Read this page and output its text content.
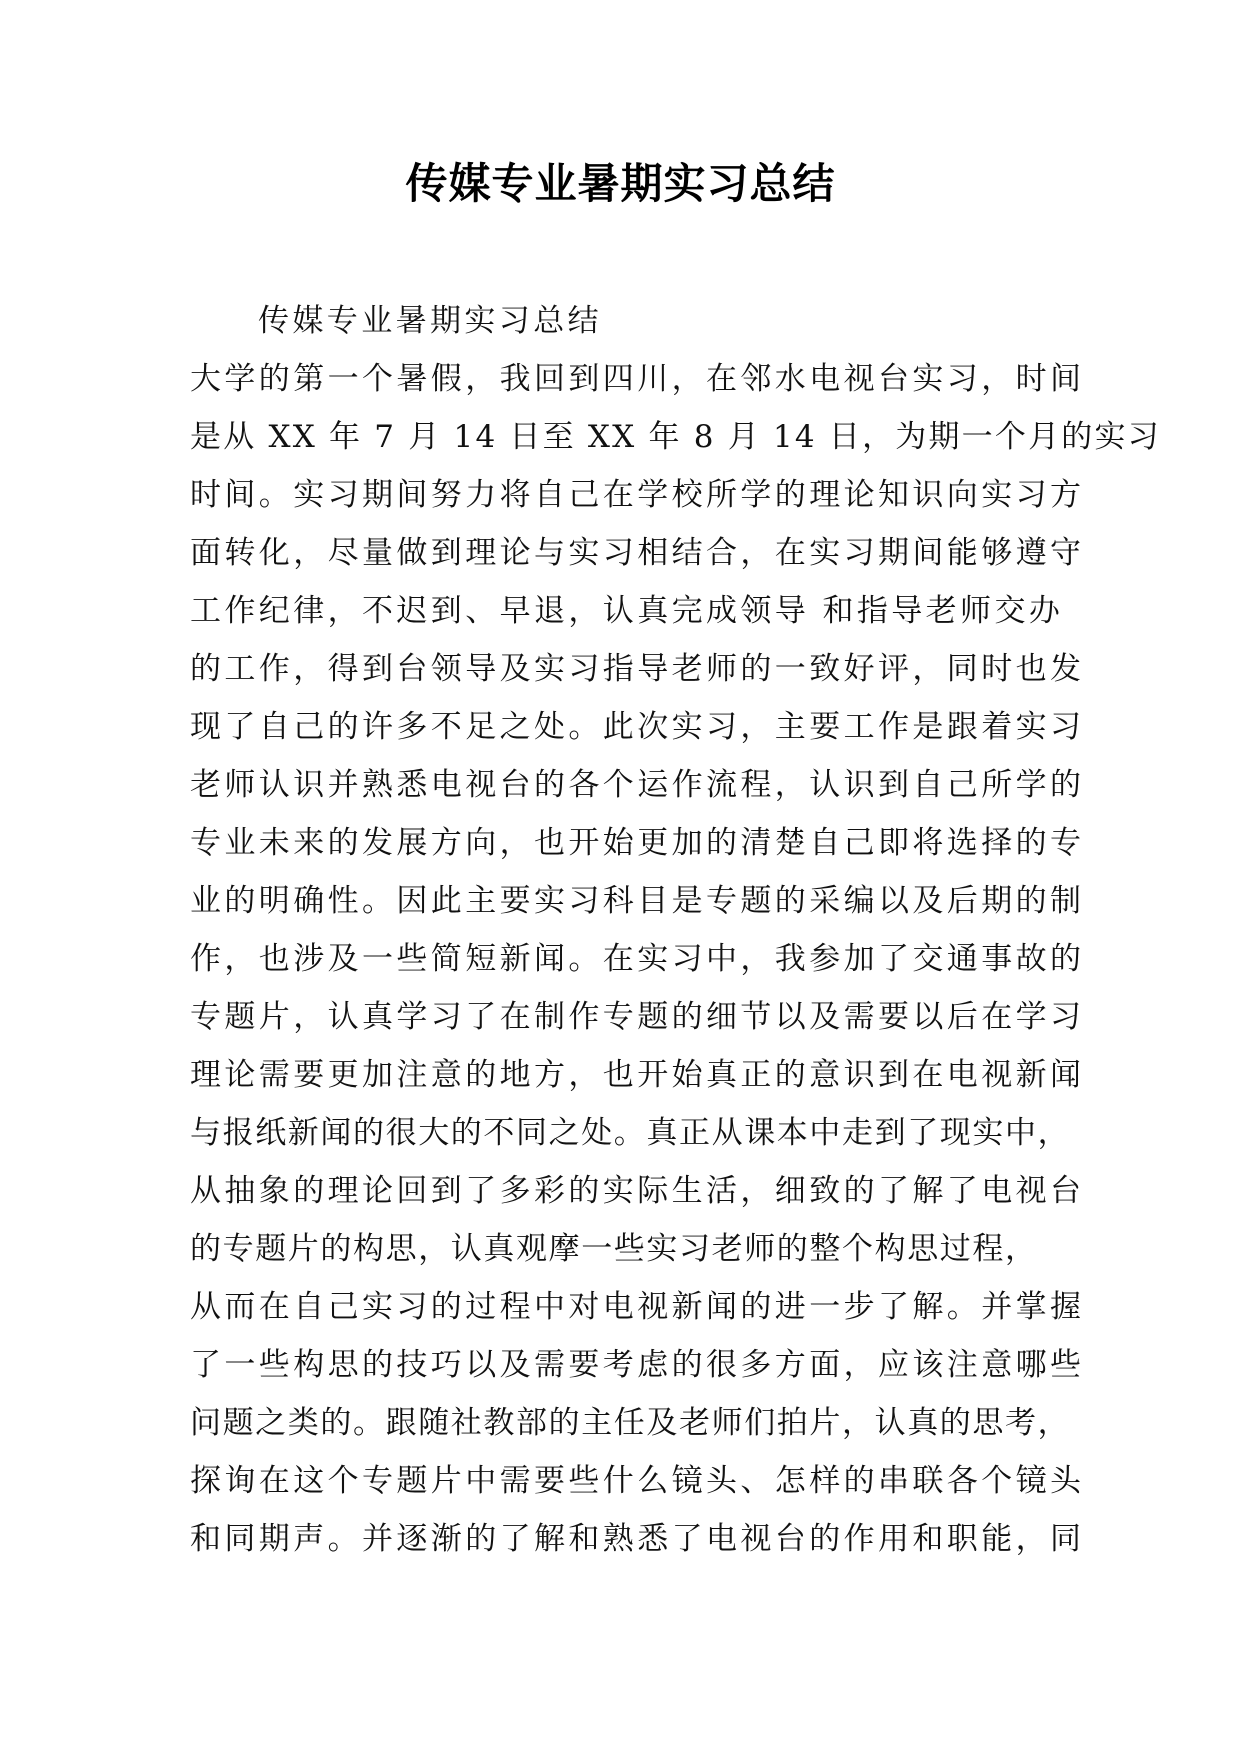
传媒专业暑期实习总结
传媒专业暑期实习总结
大学的第一个暑假，我回到四川，在邻水电视台实习，时间
是从 XX 年 7 月 14 日至 XX 年 8 月 14 日，为期一个月的实习
时间。实习期间努力将自己在学校所学的理论知识向实习方
面转化，尽量做到理论与实习相结合，在实习期间能够遵守
工作纪律，不迟到、早退，认真完成领导 和指导老师交办
的工作，得到台领导及实习指导老师的一致好评，同时也发
现了自己的许多不足之处。此次实习，主要工作是跟着实习
老师认识并熟悉电视台的各个运作流程，认识到自己所学的
专业未来的发展方向，也开始更加的清楚自己即将选择的专
业的明确性。因此主要实习科目是专题的采编以及后期的制
作，也涉及一些简短新闻。在实习中，我参加了交通事故的
专题片，认真学习了在制作专题的细节以及需要以后在学习
理论需要更加注意的地方，也开始真正的意识到在电视新闻
与报纸新闻的很大的不同之处。真正从课本中走到了现实中，
从抽象的理论回到了多彩的实际生活，细致的了解了电视台
的专题片的构思，认真观摩一些实习老师的整个构思过程，
从而在自己实习的过程中对电视新闻的进一步了解。并掌握
了一些构思的技巧以及需要考虑的很多方面，应该注意哪些
问题之类的。跟随社教部的主任及老师们拍片，认真的思考，
探询在这个专题片中需要些什么镜头、怎样的串联各个镜头
和同期声。并逐渐的了解和熟悉了电视台的作用和职能，同
